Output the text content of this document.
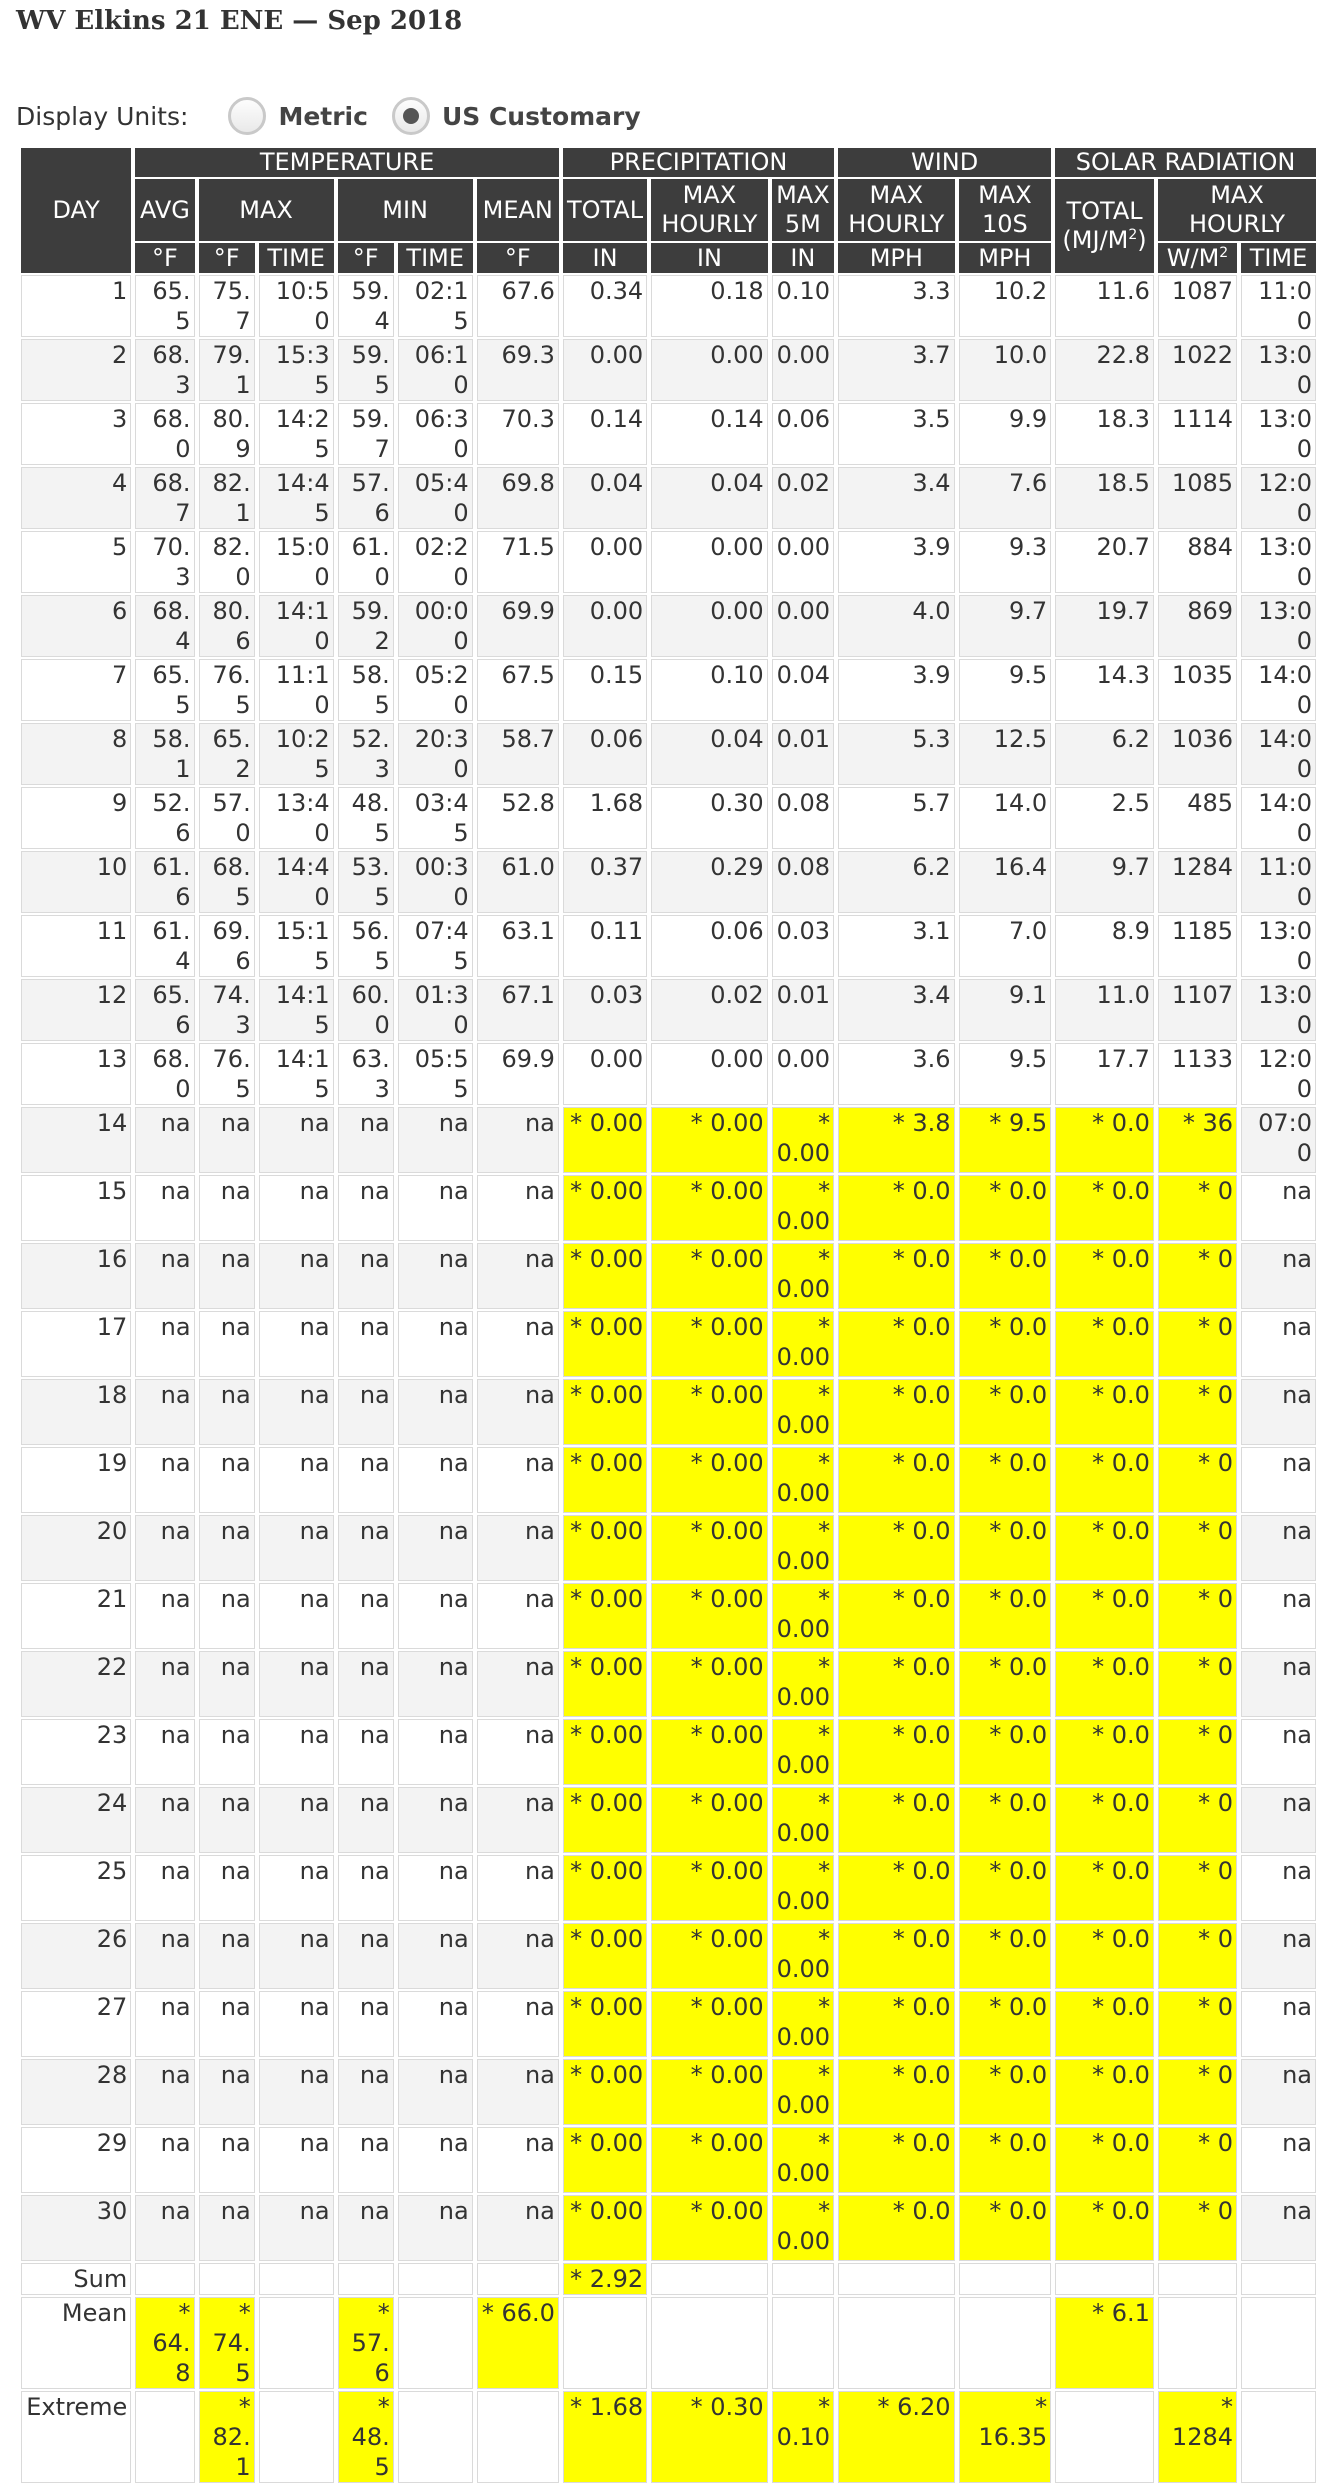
WV Elkins 21 ENE — Sep 2018
Display Units:	Metric	US Customary
DAY	TEMPERATURE						PRECIPITATION			WIND		SOLAR RADIATION		
	AVG	MAX		MIN		MEAN	TOTAL	MAX HOURLY	MAX 5M	MAX HOURLY	MAX 10S	TOTAL $(MJ/M^2)$	MAX HOURLY	
	°F	°F	TIME	°F	TIME	°F	IN	IN	IN	MPH	MPH		$W/M^2$	TIME
1	65.5	75.7	10:50	59.4	02:15	67.6	0.34	0.18	0.10	3.3	10.2	11.6	1087	11:00
2	68.3	79.1	15:35	59.5	06:10	69.3	0.00	0.00	0.00	3.7	10.0	22.8	1022	13:00
3	68.0	80.9	14:25	59.7	06:30	70.3	0.14	0.14	0.06	3.5	9.9	18.3	1114	13:00
4	68.7	82.1	14:45	57.6	05:40	69.8	0.04	0.04	0.02	3.4	7.6	18.5	1085	12:00
5	70.3	82.0	15:00	61.0	02:20	71.5	0.00	0.00	0.00	3.9	9.3	20.7	884	13:00
6	68.4	80.6	14:10	59.2	00:00	69.9	0.00	0.00	0.00	4.0	9.7	19.7	869	13:00
7	65.5	76.5	11:10	58.5	05:20	67.5	0.15	0.10	0.04	3.9	9.5	14.3	1035	14:00
8	58.1	65.2	10:25	52.3	20:30	58.7	0.06	0.04	0.01	5.3	12.5	6.2	1036	14:00
9	52.6	57.0	13:40	48.5	03:45	52.8	1.68	0.30	0.08	5.7	14.0	2.5	485	14:00
10	61.6	68.5	14:40	53.5	00:30	61.0	0.37	0.29	0.08	6.2	16.4	9.7	1284	11:00
11	61.4	69.6	15:15	56.5	07:45	63.1	0.11	0.06	0.03	3.1	7.0	8.9	1185	13:00
12	65.6	74.3	14:15	60.0	01:30	67.1	0.03	0.02	0.01	3.4	9.1	11.0	1107	13:00
13	68.0	76.5	14:15	63.3	05:55	69.9	0.00	0.00	0.00	3.6	9.5	17.7	1133	12:00
14	na	na	na	na	na	na	* 0.00	* 0.00	* 0.00	* 3.8	* 9.5	* 0.0	* 36	07:00
15	na	na	na	na	na	na	* 0.00	* 0.00	* 0.00	* 0.0	* 0.0	* 0.0	* 0	na
16	na	na	na	na	na	na	* 0.00	* 0.00	* 0.00	* 0.0	* 0.0	* 0.0	* 0	na
17	na	na	na	na	na	na	* 0.00	* 0.00	* 0.00	* 0.0	* 0.0	* 0.0	* 0	na
18	na	na	na	na	na	na	* 0.00	* 0.00	* 0.00	* 0.0	* 0.0	* 0.0	* 0	na
19	na	na	na	na	na	na	* 0.00	* 0.00	* 0.00	* 0.0	* 0.0	* 0.0	* 0	na
20	na	na	na	na	na	na	* 0.00	* 0.00	* 0.00	* 0.0	* 0.0	* 0.0	* 0	na
21	na	na	na	na	na	na	* 0.00	* 0.00	* 0.00	* 0.0	* 0.0	* 0.0	* 0	na
22	na	na	na	na	na	na	* 0.00	* 0.00	* 0.00	* 0.0	* 0.0	* 0.0	* 0	na
23	na	na	na	na	na	na	* 0.00	* 0.00	* 0.00	* 0.0	* 0.0	* 0.0	* 0	na
24	na	na	na	na	na	na	* 0.00	* 0.00	* 0.00	* 0.0	* 0.0	* 0.0	* 0	na
25	na	na	na	na	na	na	* 0.00	* 0.00	* 0.00	* 0.0	* 0.0	* 0.0	* 0	na
26	na	na	na	na	na	na	* 0.00	* 0.00	* 0.00	* 0.0	* 0.0	* 0.0	* 0	na
27	na	na	na	na	na	na	* 0.00	* 0.00	* 0.00	* 0.0	* 0.0	* 0.0	* 0	na
28	na	na	na	na	na	na	* 0.00	* 0.00	* 0.00	* 0.0	* 0.0	* 0.0	* 0	na
29	na	na	na	na	na	na	* 0.00	* 0.00	* 0.00	* 0.0	* 0.0	* 0.0	* 0	na
30	na	na	na	na	na	na	* 0.00	* 0.00	* 0.00	* 0.0	* 0.0	* 0.0	* 0	na
Sum							* 2.92							
Mean	* 64.8	* 74.5		* 57.6		* 66.0						* 6.1		
Extreme		* 82.1		* 48.5			* 1.68	* 0.30	* 0.10	* 6.20	* 16.35		* 1284	
